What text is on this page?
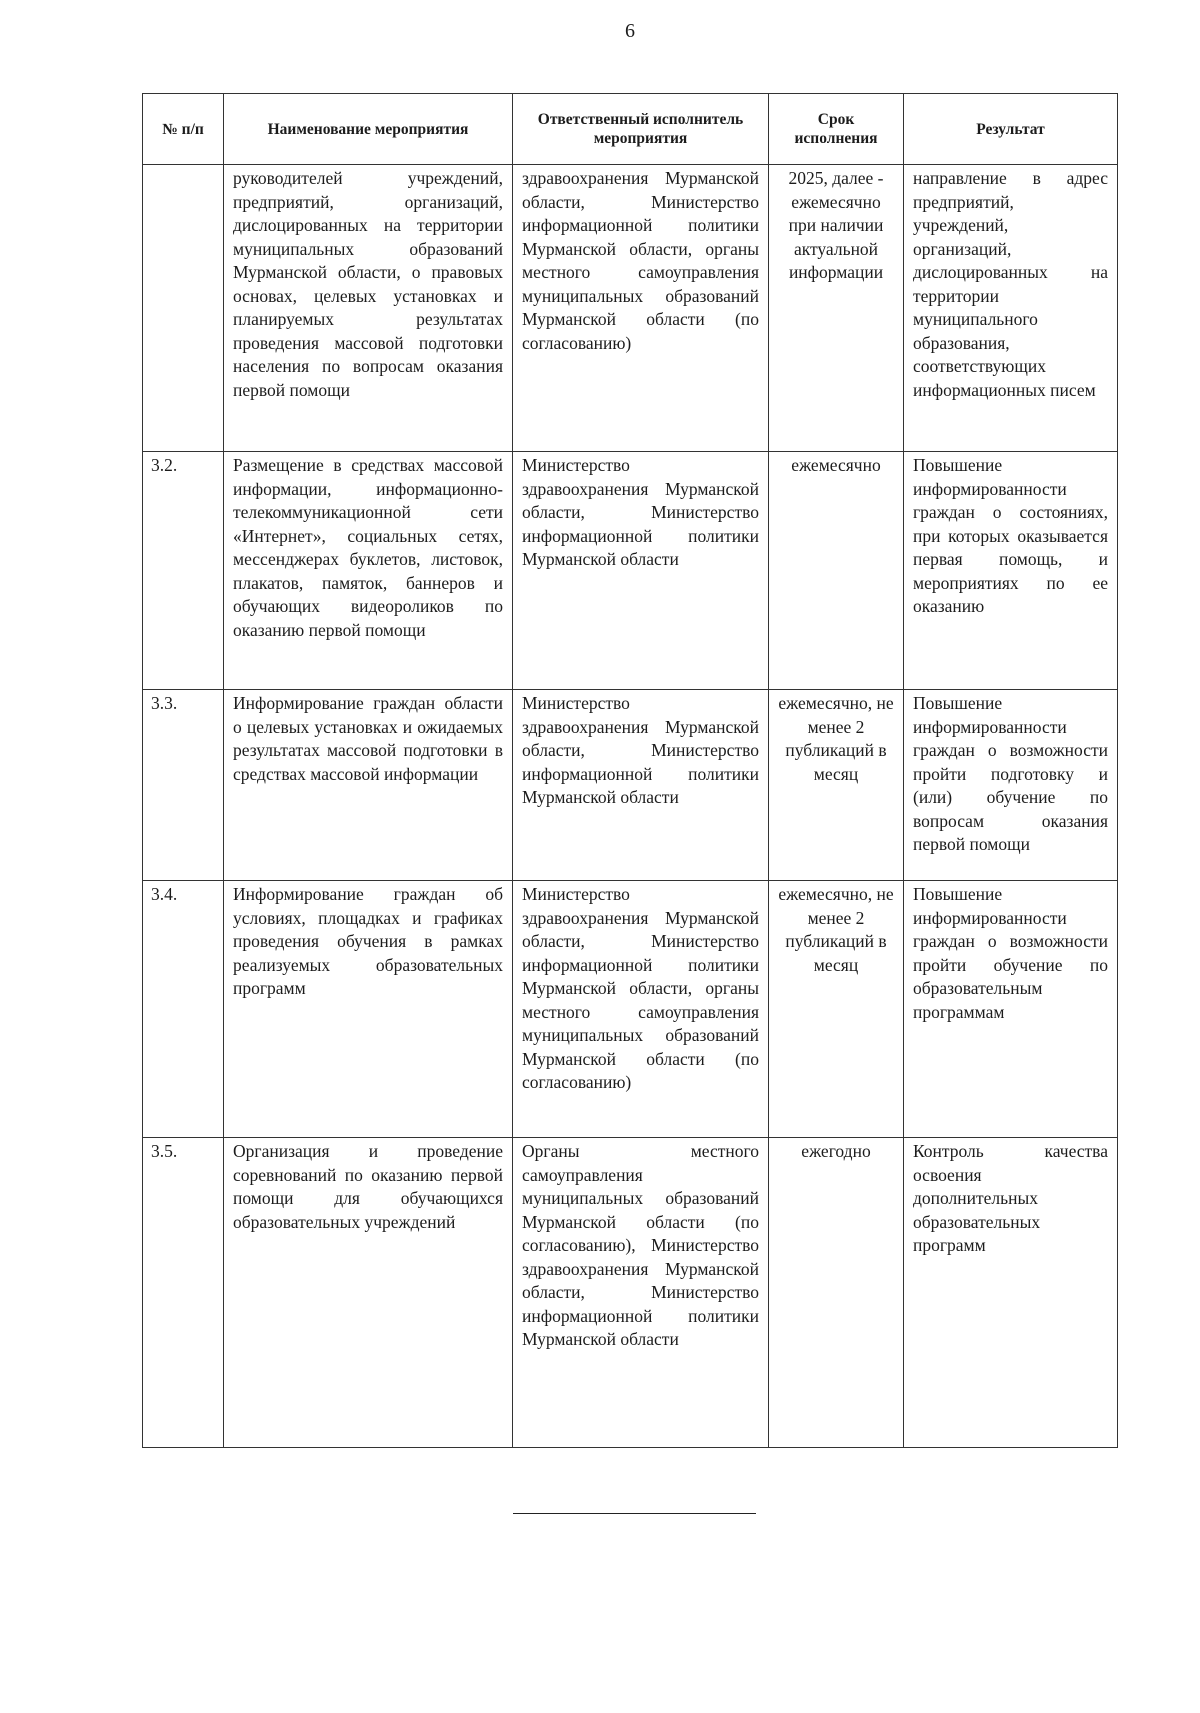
6
№ п/п	Наименование мероприятия	Ответственный исполнитель мероприятия	Срок исполнения	Результат
	руководителей учреждений, предприятий, организаций, дислоцированных на территории муниципальных образований Мурманской области, о правовых основах, целевых установках и планируемых результатах проведения массовой подготовки населения по вопросам оказания первой помощи	здравоохранения Мурманской области, Министерство информационной политики Мурманской области, органы местного самоуправления муниципальных образований Мурманской области (по согласованию)	2025, далее - ежемесячно при наличии актуальной информации	направление в адрес предприятий, учреждений, организаций, дислоцированных на территории муниципального образования, соответствующих информационных писем
3.2.	Размещение в средствах массовой информации, информационно-телекоммуникационной сети «Интернет», социальных сетях, мессенджерах буклетов, листовок, плакатов, памяток, баннеров и обучающих видеороликов по оказанию первой помощи	Министерство здравоохранения Мурманской области, Министерство информационной политики Мурманской области	ежемесячно	Повышение информированности граждан о состояниях, при которых оказывается первая помощь, и мероприятиях по ее оказанию
3.3.	Информирование граждан области о целевых установках и ожидаемых результатах массовой подготовки в средствах массовой информации	Министерство здравоохранения Мурманской области, Министерство информационной политики Мурманской области	ежемесячно, не менее 2 публикаций в месяц	Повышение информированности граждан о возможности пройти подготовку и (или) обучение по вопросам оказания первой помощи
3.4.	Информирование граждан об условиях, площадках и графиках проведения обучения в рамках реализуемых образовательных программ	Министерство здравоохранения Мурманской области, Министерство информационной политики Мурманской области, органы местного самоуправления муниципальных образований Мурманской области (по согласованию)	ежемесячно, не менее 2 публикаций в месяц	Повышение информированности граждан о возможности пройти обучение по образовательным программам
3.5.	Организация и проведение соревнований по оказанию первой помощи для обучающихся образовательных учреждений	Органы местного самоуправления муниципальных образований Мурманской области (по согласованию), Министерство здравоохранения Мурманской области, Министерство информационной политики Мурманской области	ежегодно	Контроль качества освоения дополнительных образовательных программ
